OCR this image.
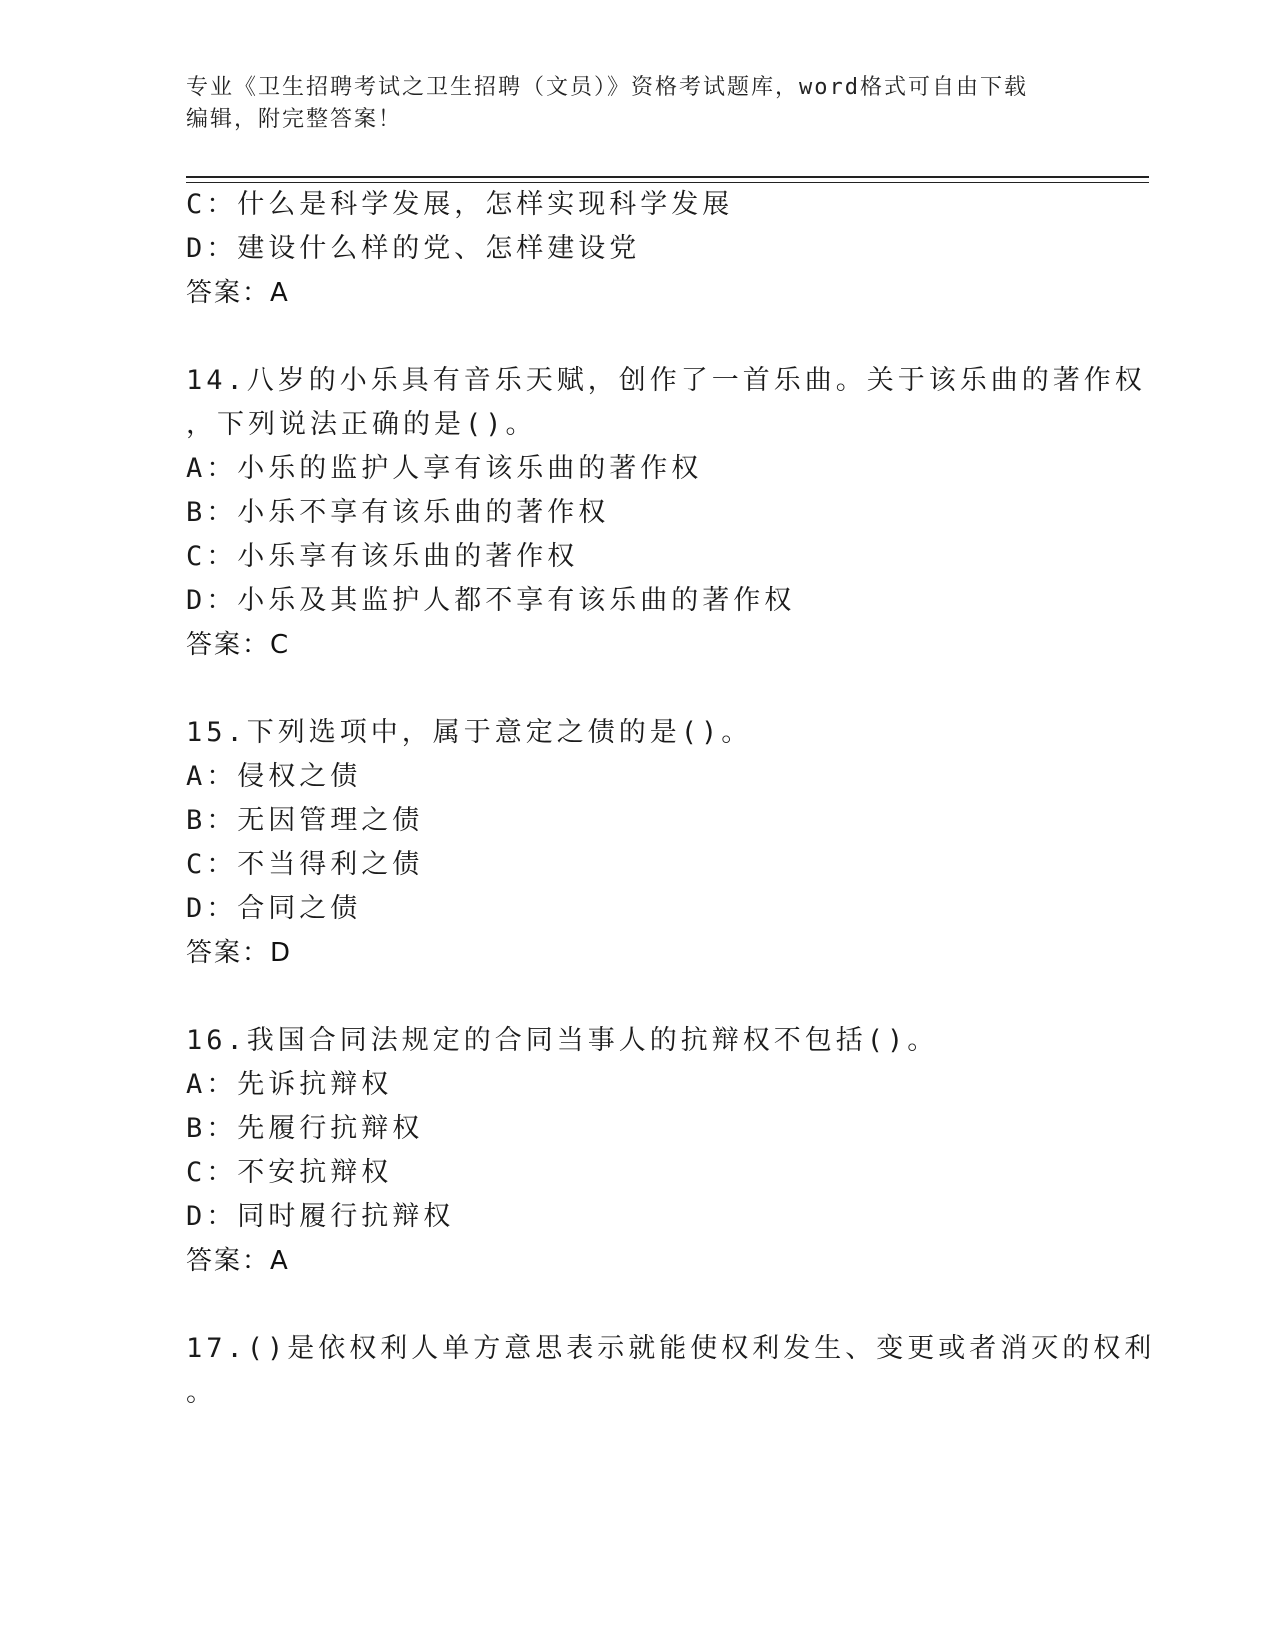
专业《卫生招聘考试之卫生招聘（文员）》资格考试题库，word格式可自由下载
编辑，附完整答案！
C：什么是科学发展，怎样实现科学发展
D：建设什么样的党、怎样建设党
答案：A
14.八岁的小乐具有音乐天赋，创作了一首乐曲。关于该乐曲的著作权
，下列说法正确的是()。
A：小乐的监护人享有该乐曲的著作权
B：小乐不享有该乐曲的著作权
C：小乐享有该乐曲的著作权
D：小乐及其监护人都不享有该乐曲的著作权
答案：C
15.下列选项中，属于意定之债的是()。
A：侵权之债
B：无因管理之债
C：不当得利之债
D：合同之债
答案：D
16.我国合同法规定的合同当事人的抗辩权不包括()。
A：先诉抗辩权
B：先履行抗辩权
C：不安抗辩权
D：同时履行抗辩权
答案：A
17.()是依权利人单方意思表示就能使权利发生、变更或者消灭的权利
。
